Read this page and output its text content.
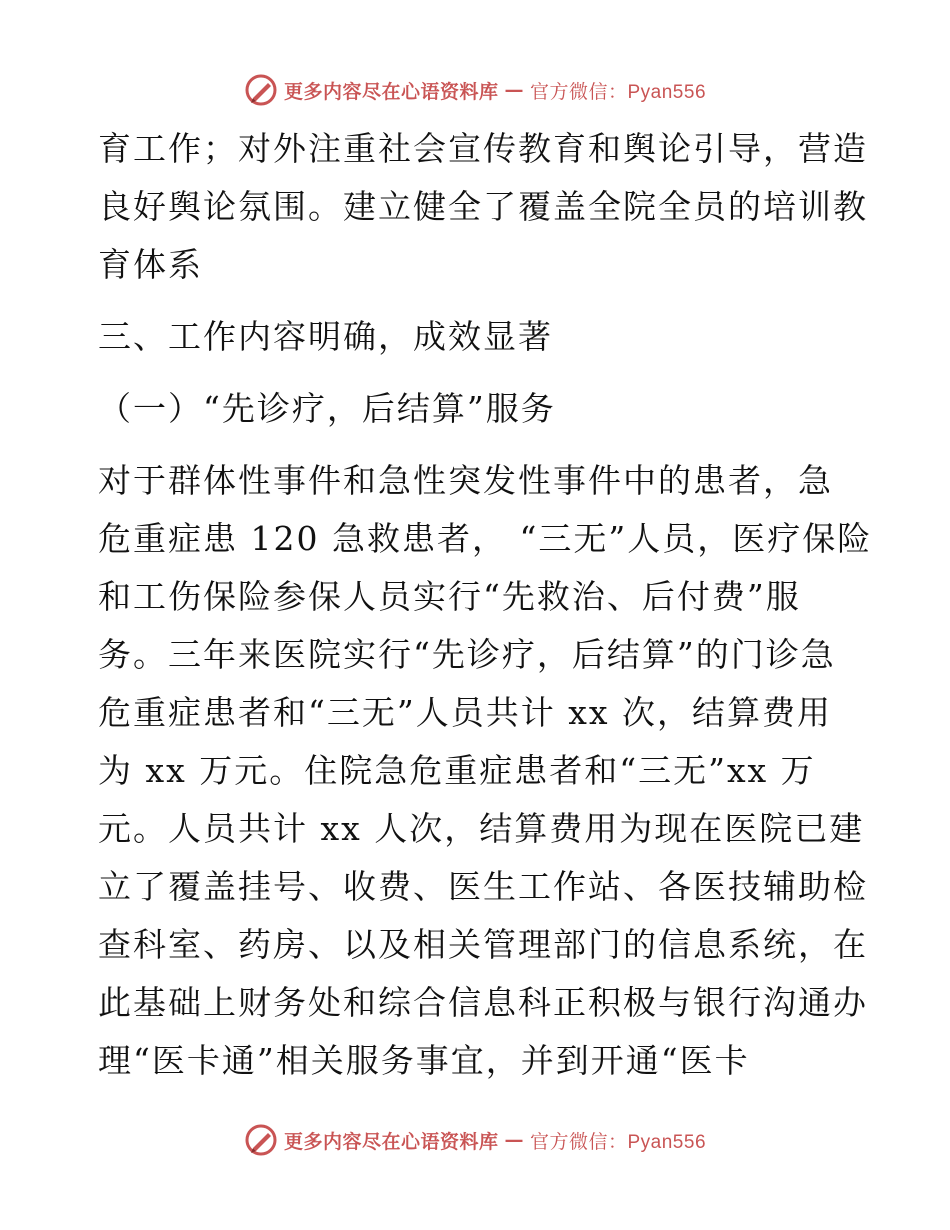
更多内容尽在心语资料库 — 官方微信：Pyan556
育工作；对外注重社会宣传教育和舆论引导，营造
良好舆论氛围。建立健全了覆盖全院全员的培训教
育体系
三、工作内容明确，成效显著
（一）“先诊疗，后结算”服务
对于群体性事件和急性突发性事件中的患者，急
危重症患 120 急救患者， “三无”人员，医疗保险
和工伤保险参保人员实行“先救治、后付费”服
务。三年来医院实行“先诊疗，后结算”的门诊急
危重症患者和“三无”人员共计 xx 次，结算费用
为 xx 万元。住院急危重症患者和“三无”xx 万
元。人员共计 xx 人次，结算费用为现在医院已建
立了覆盖挂号、收费、医生工作站、各医技辅助检
查科室、药房、以及相关管理部门的信息系统，在
此基础上财务处和综合信息科正积极与银行沟通办
理“医卡通”相关服务事宜，并到开通“医卡
更多内容尽在心语资料库 — 官方微信：Pyan556
